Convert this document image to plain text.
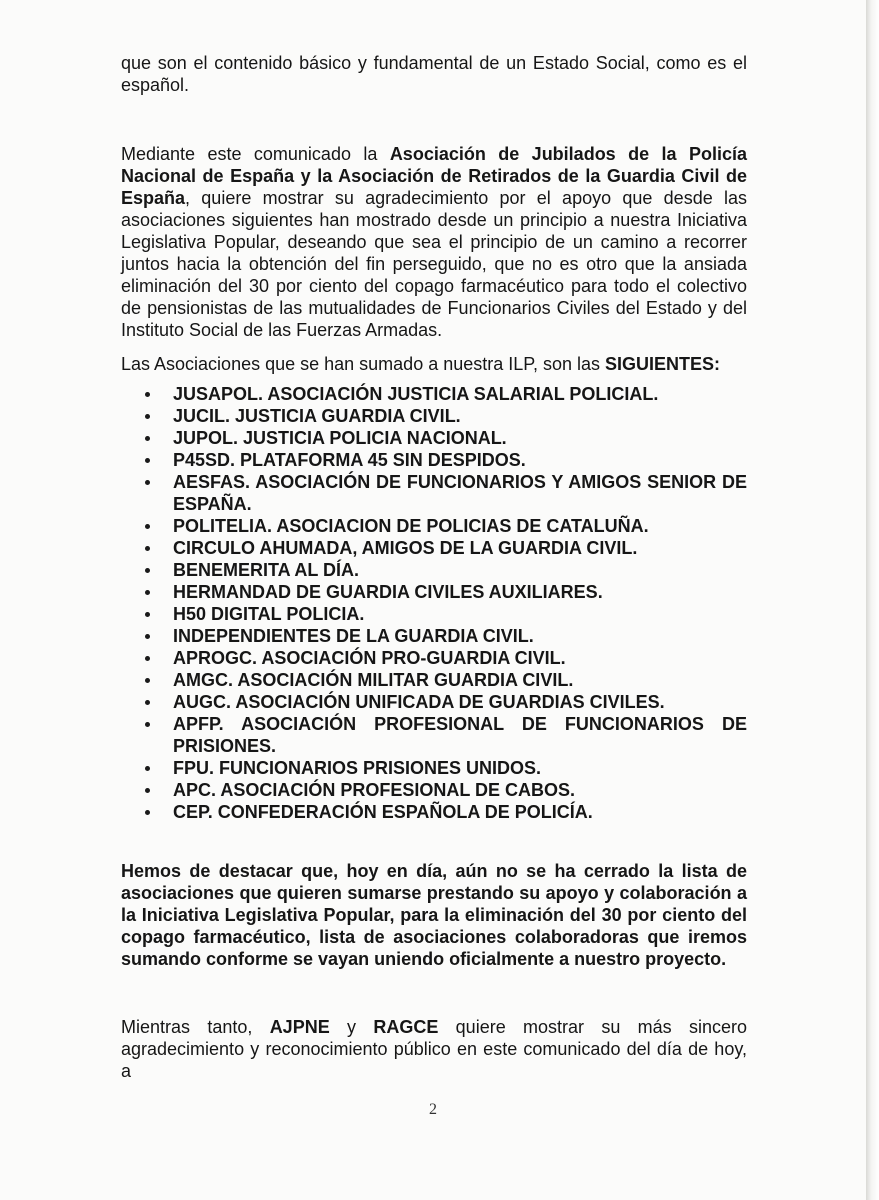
que son el contenido básico y fundamental de un Estado Social, como es el español.

Mediante este comunicado la Asociación de Jubilados de la Policía Nacional de España y la Asociación de Retirados de la Guardia Civil de España, quiere mostrar su agradecimiento por el apoyo que desde las asociaciones siguientes han mostrado desde un principio a nuestra Iniciativa Legislativa Popular, deseando que sea el principio de un camino a recorrer juntos hacia la obtención del fin perseguido, que no es otro que la ansiada eliminación del 30 por ciento del copago farmacéutico para todo el colectivo de pensionistas de las mutualidades de Funcionarios Civiles del Estado y del Instituto Social de las Fuerzas Armadas.

Las Asociaciones que se han sumado a nuestra ILP, son las SIGUIENTES:

JUSAPOL. ASOCIACIÓN JUSTICIA SALARIAL POLICIAL.
JUCIL. JUSTICIA GUARDIA CIVIL.
JUPOL. JUSTICIA POLICIA NACIONAL.
P45SD. PLATAFORMA 45 SIN DESPIDOS.
AESFAS. ASOCIACIÓN DE FUNCIONARIOS Y AMIGOS SENIOR DE ESPAÑA.
POLITELIA. ASOCIACION DE POLICIAS DE CATALUÑA.
CIRCULO AHUMADA, AMIGOS DE LA GUARDIA CIVIL.
BENEMERITA AL DÍA.
HERMANDAD DE GUARDIA CIVILES AUXILIARES.
H50 DIGITAL POLICIA.
INDEPENDIENTES DE LA GUARDIA CIVIL.
APROGC. ASOCIACIÓN PRO-GUARDIA CIVIL.
AMGC. ASOCIACIÓN MILITAR GUARDIA CIVIL.
AUGC. ASOCIACIÓN UNIFICADA DE GUARDIAS CIVILES.
APFP. ASOCIACIÓN PROFESIONAL DE FUNCIONARIOS DE PRISIONES.
FPU. FUNCIONARIOS PRISIONES UNIDOS.
APC. ASOCIACIÓN PROFESIONAL DE CABOS.
CEP. CONFEDERACIÓN ESPAÑOLA DE POLICÍA.

Hemos de destacar que, hoy en día, aún no se ha cerrado la lista de asociaciones que quieren sumarse prestando su apoyo y colaboración a la Iniciativa Legislativa Popular, para la eliminación del 30 por ciento del copago farmacéutico, lista de asociaciones colaboradoras que iremos sumando conforme se vayan uniendo oficialmente a nuestro proyecto.

Mientras tanto, AJPNE y RAGCE quiere mostrar su más sincero agradecimiento y reconocimiento público en este comunicado del día de hoy, a

2
